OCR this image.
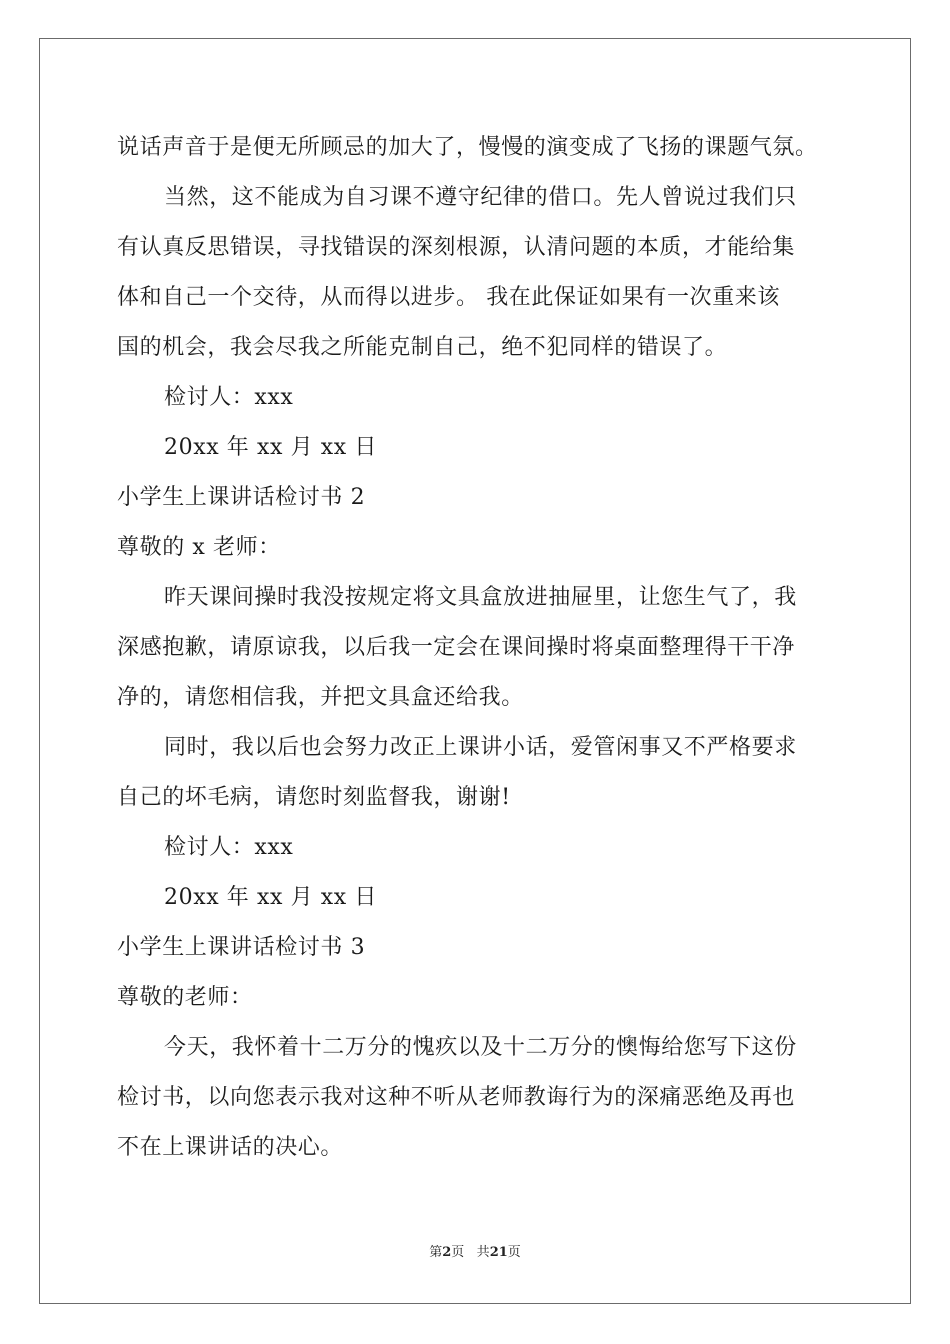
说话声音于是便无所顾忌的加大了，慢慢的演变成了飞扬的课题气氛。
当然，这不能成为自习课不遵守纪律的借口。先人曾说过我们只
有认真反思错误，寻找错误的深刻根源，认清问题的本质，才能给集
体和自己一个交待，从而得以进步。 我在此保证如果有一次重来该
国的机会，我会尽我之所能克制自己，绝不犯同样的错误了。
检讨人：xxx
20xx 年 xx 月 xx 日
小学生上课讲话检讨书 2
尊敬的 x 老师：
昨天课间操时我没按规定将文具盒放进抽屉里，让您生气了，我
深感抱歉，请原谅我，以后我一定会在课间操时将桌面整理得干干净
净的，请您相信我，并把文具盒还给我。
同时，我以后也会努力改正上课讲小话，爱管闲事又不严格要求
自己的坏毛病，请您时刻监督我，谢谢!
检讨人：xxx
20xx 年 xx 月 xx 日
小学生上课讲话检讨书 3
尊敬的老师：
今天，我怀着十二万分的愧疚以及十二万分的懊悔给您写下这份
检讨书，以向您表示我对这种不听从老师教诲行为的深痛恶绝及再也
不在上课讲话的决心。
第2页 共21页
